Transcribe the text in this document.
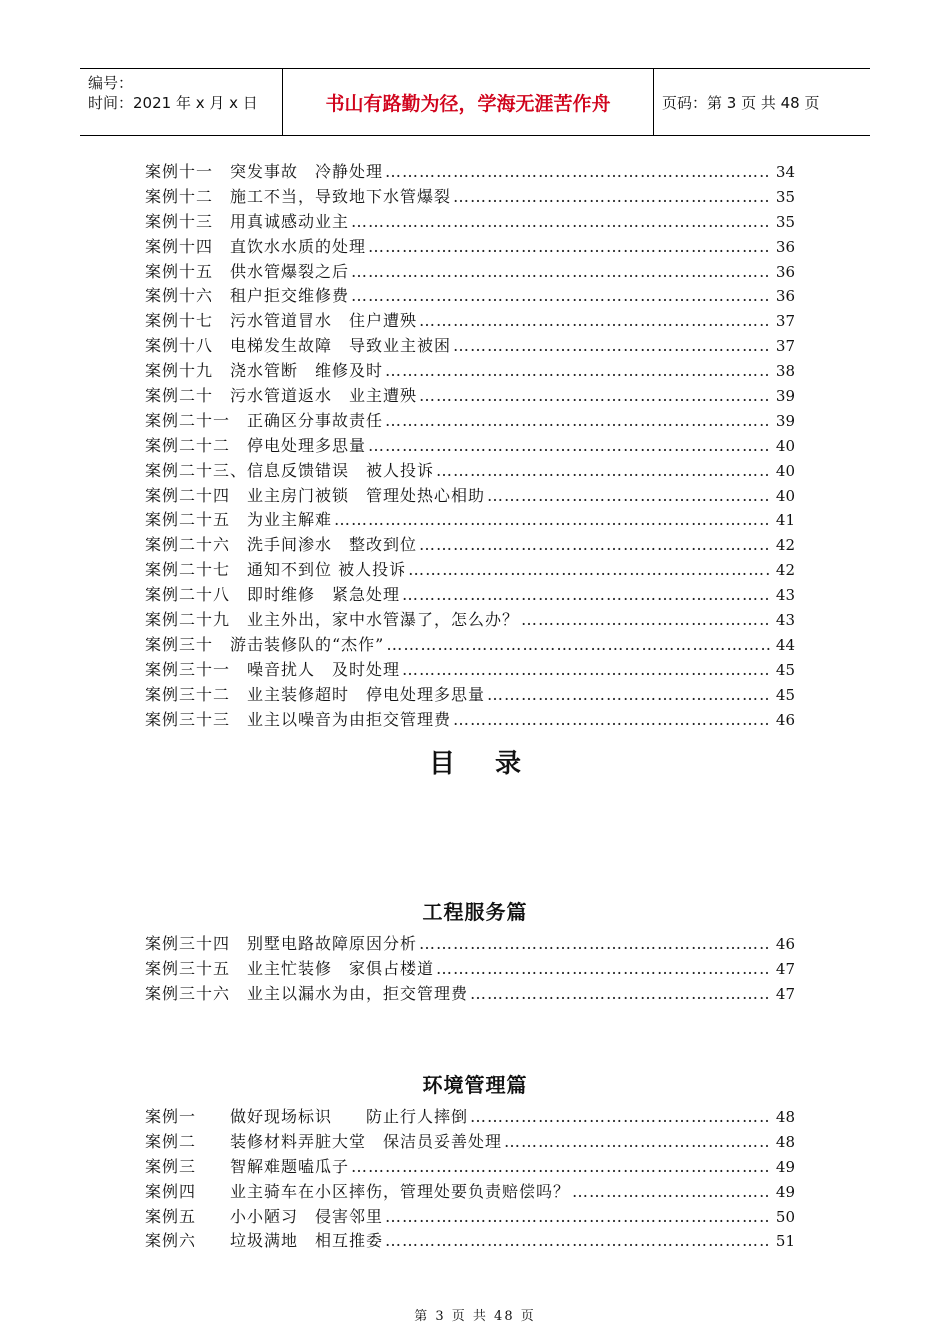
编号：
时间：2021 年 x 月 x 日	书山有路勤为径，学海无涯苦作舟	页码：第 3 页 共 48 页
案例十一　突发事故　冷静处理 ……………………………………………………………………………………………………	34
案例十二　施工不当，导致地下水管爆裂 ……………………………………………………………………………………………………	35
案例十三　用真诚感动业主 ……………………………………………………………………………………………………	35
案例十四　直饮水水质的处理 ……………………………………………………………………………………………………	36
案例十五　供水管爆裂之后 ……………………………………………………………………………………………………	36
案例十六　租户拒交维修费 ……………………………………………………………………………………………………	36
案例十七　污水管道冒水　住户遭殃 ……………………………………………………………………………………………………	37
案例十八　电梯发生故障　导致业主被困 ……………………………………………………………………………………………………	37
案例十九　浇水管断　维修及时 ……………………………………………………………………………………………………	38
案例二十　污水管道返水　业主遭殃 ……………………………………………………………………………………………………	39
案例二十一　正确区分事故责任 ……………………………………………………………………………………………………	39
案例二十二　停电处理多思量 ……………………………………………………………………………………………………	40
案例二十三、信息反馈错误　被人投诉 ……………………………………………………………………………………………………	40
案例二十四　业主房门被锁　管理处热心相助 ……………………………………………………………………………………………………	40
案例二十五　为业主解难 ……………………………………………………………………………………………………	41
案例二十六　洗手间渗水　整改到位 ……………………………………………………………………………………………………	42
案例二十七　通知不到位 被人投诉 ……………………………………………………………………………………………………	42
案例二十八　即时维修　紧急处理 ……………………………………………………………………………………………………	43
案例二十九　业主外出，家中水管瀑了，怎么办？ ……………………………………………………………………………………………………	43
案例三十　游击装修队的“杰作” ……………………………………………………………………………………………………	44
案例三十一　噪音扰人　及时处理 ……………………………………………………………………………………………………	45
案例三十二　业主装修超时　停电处理多思量 ……………………………………………………………………………………………………	45
案例三十三　业主以噪音为由拒交管理费 ……………………………………………………………………………………………………	46
目录
工程服务篇
案例三十四　别墅电路故障原因分析 ……………………………………………………………………………………………………	46
案例三十五　业主忙装修　家俱占楼道 ……………………………………………………………………………………………………	47
案例三十六　业主以漏水为由，拒交管理费 ……………………………………………………………………………………………………	47
环境管理篇
案例一　　做好现场标识　　防止行人摔倒 ……………………………………………………………………………………………………	48
案例二　　装修材料弄脏大堂　保洁员妥善处理 ……………………………………………………………………………………………………	48
案例三　　智解难题嗑瓜子 ……………………………………………………………………………………………………	49
案例四　　业主骑车在小区摔伤，管理处要负责赔偿吗？ ……………………………………………………………………………………………………	49
案例五　　小小陋习　侵害邻里 ……………………………………………………………………………………………………	50
案例六　　垃圾满地　相互推委 ……………………………………………………………………………………………………	51
第 3 页 共 48 页
